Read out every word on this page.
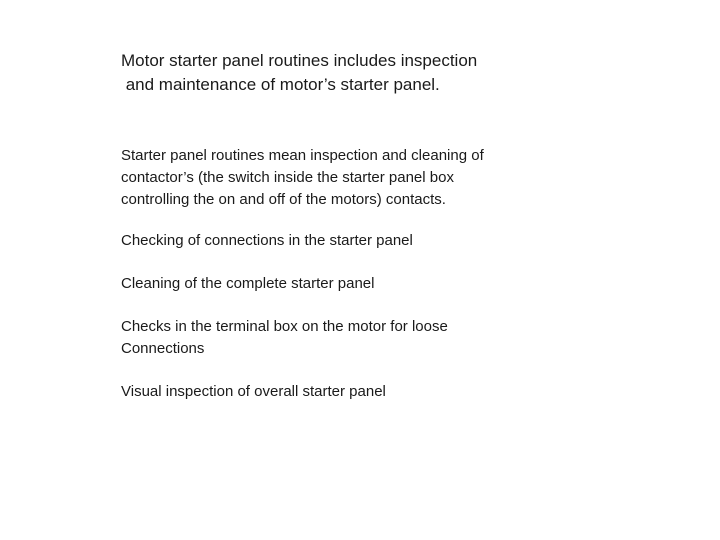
Motor starter panel routines includes inspection
and maintenance of motor’s starter panel.
Starter panel routines mean inspection and cleaning of
contactor’s (the switch inside the starter panel box
controlling the on and off of the motors) contacts.
Checking of connections in the starter panel
Cleaning of the complete starter panel
Checks in the terminal box on the motor for loose
Connections
Visual inspection of overall starter panel
